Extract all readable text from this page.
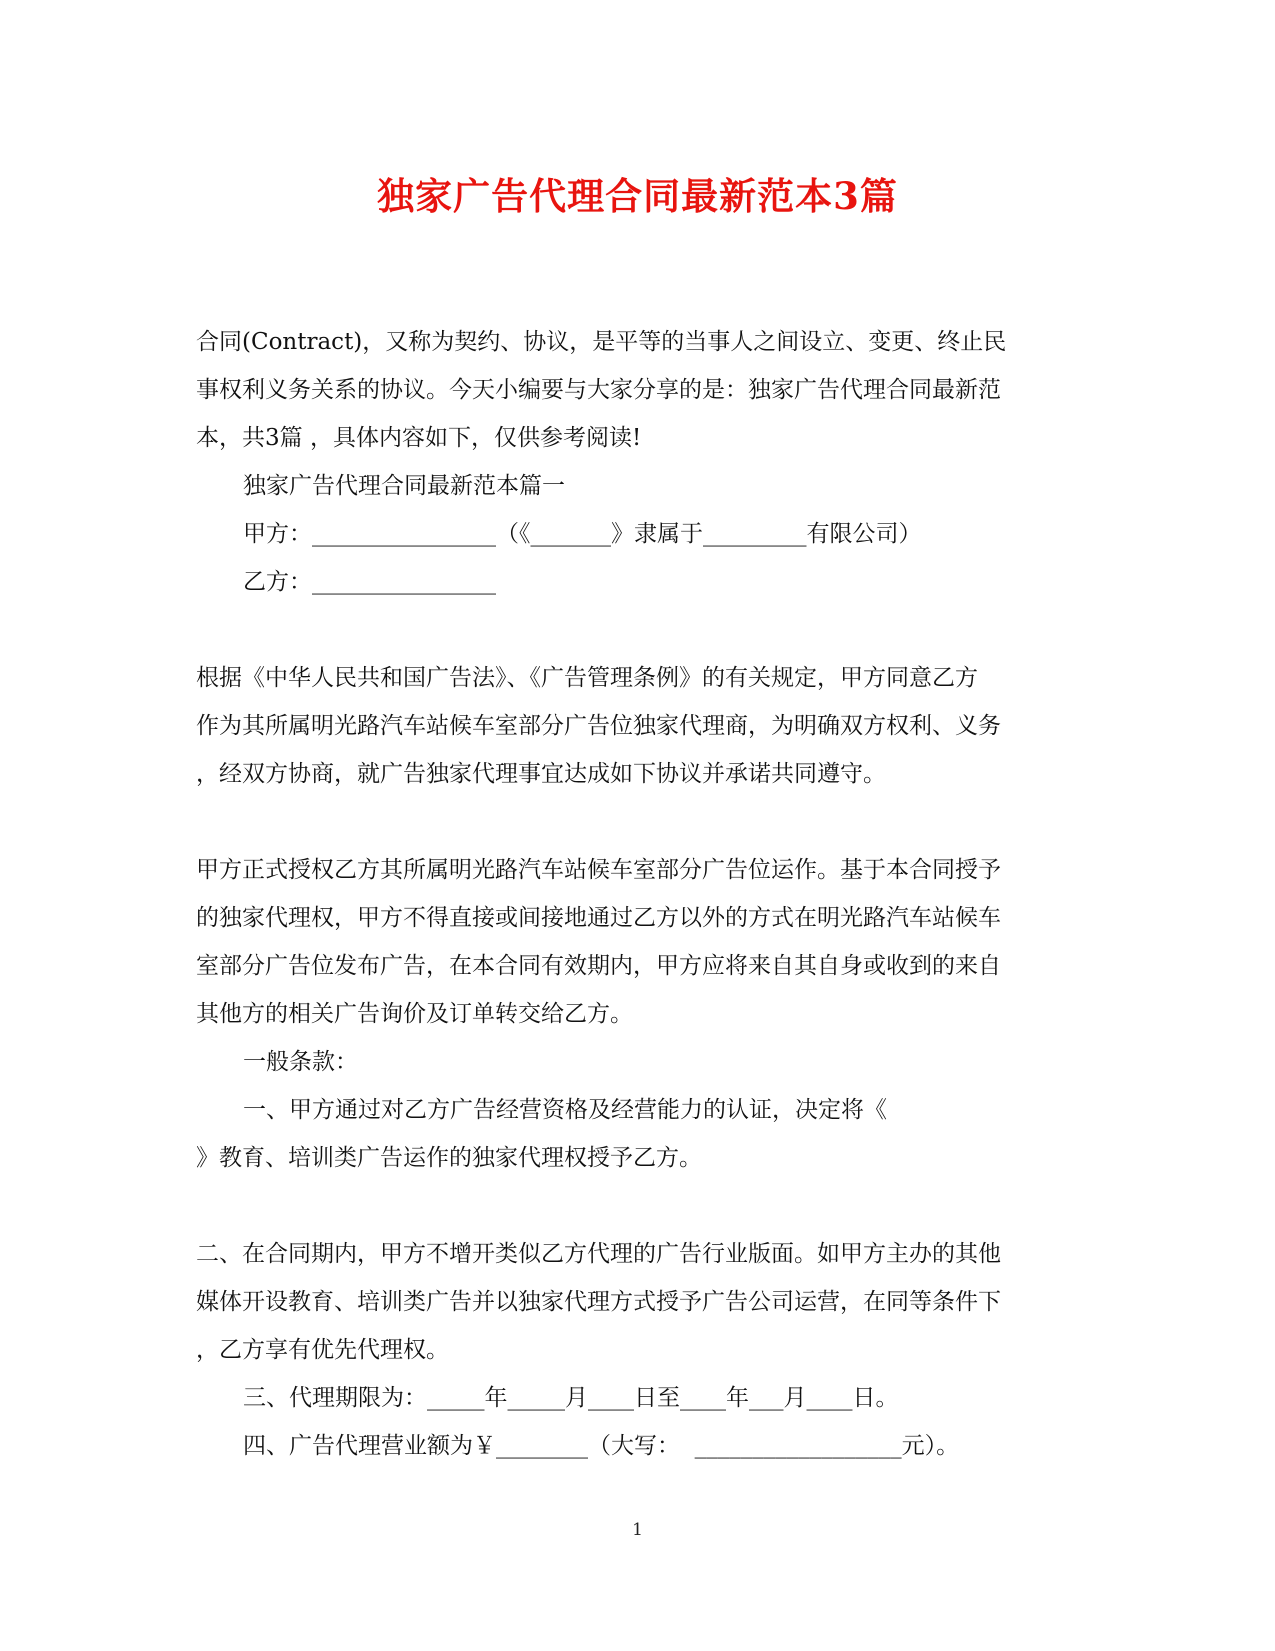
独家广告代理合同最新范本3篇
合同(Contract)，又称为契约、协议，是平等的当事人之间设立、变更、终止民
事权利义务关系的协议。今天小编要与大家分享的是：独家广告代理合同最新范
本，共3篇 ，具体内容如下，仅供参考阅读!
独家广告代理合同最新范本篇一
甲方：________________（《_______》隶属于_________有限公司）
乙方：________________
根据《中华人民共和国广告法》、《广告管理条例》的有关规定，甲方同意乙方
作为其所属明光路汽车站候车室部分广告位独家代理商，为明确双方权利、义务
，经双方协商，就广告独家代理事宜达成如下协议并承诺共同遵守。
甲方正式授权乙方其所属明光路汽车站候车室部分广告位运作。基于本合同授予
的独家代理权，甲方不得直接或间接地通过乙方以外的方式在明光路汽车站候车
室部分广告位发布广告，在本合同有效期内，甲方应将来自其自身或收到的来自
其他方的相关广告询价及订单转交给乙方。
一般条款：
一、甲方通过对乙方广告经营资格及经营能力的认证，决定将《
》教育、培训类广告运作的独家代理权授予乙方。
二、在合同期内，甲方不增开类似乙方代理的广告行业版面。如甲方主办的其他
媒体开设教育、培训类广告并以独家代理方式授予广告公司运营，在同等条件下
，乙方享有优先代理权。
三、代理期限为：_____年_____月____日至____年___月____日。
四、广告代理营业额为￥________（大写：  __________________元）。
1
